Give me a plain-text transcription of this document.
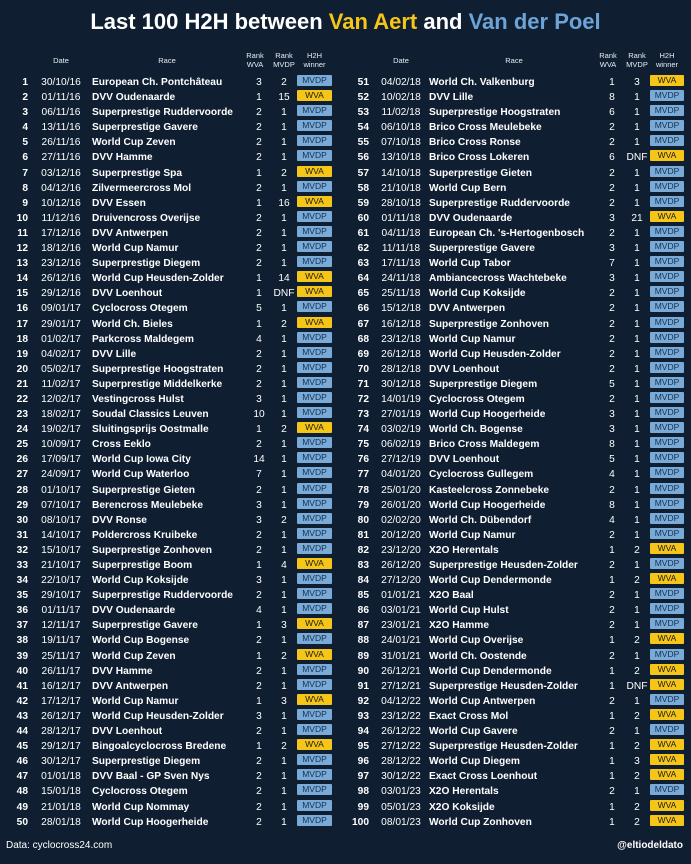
Last 100 H2H between Van Aert and Van der Poel
Date	Race
Rank
WVA
Rank
MVDP
H2H
winner
1	30/10/16	European Ch. Pontchâteau	3	2	MVDP
2	01/11/16	DVV Oudenaarde	1	15	WVA
3	06/11/16	Superprestige Ruddervoorde	2	1	MVDP
4	13/11/16	Superprestige Gavere	2	1	MVDP
5	26/11/16	World Cup Zeven	2	1	MVDP
6	27/11/16	DVV Hamme	2	1	MVDP
7	03/12/16	Superprestige Spa	1	2	WVA
8	04/12/16	Zilvermeercross Mol	2	1	MVDP
9	10/12/16	DVV Essen	1	16	WVA
10	11/12/16	Druivencross Overijse	2	1	MVDP
11	17/12/16	DVV Antwerpen	2	1	MVDP
12	18/12/16	World Cup Namur	2	1	MVDP
13	23/12/16	Superprestige Diegem	2	1	MVDP
14	26/12/16	World Cup Heusden-Zolder	1	14	WVA
15	29/12/16	DVV Loenhout	1	DNF	WVA
16	09/01/17	Cyclocross Otegem	5	1	MVDP
17	29/01/17	World Ch. Bieles	1	2	WVA
18	01/02/17	Parkcross Maldegem	4	1	MVDP
19	04/02/17	DVV Lille	2	1	MVDP
20	05/02/17	Superprestige Hoogstraten	2	1	MVDP
21	11/02/17	Superprestige Middelkerke	2	1	MVDP
22	12/02/17	Vestingcross Hulst	3	1	MVDP
23	18/02/17	Soudal Classics Leuven	10	1	MVDP
24	19/02/17	Sluitingsprijs Oostmalle	1	2	WVA
25	10/09/17	Cross Eeklo	2	1	MVDP
26	17/09/17	World Cup Iowa City	14	1	MVDP
27	24/09/17	World Cup Waterloo	7	1	MVDP
28	01/10/17	Superprestige Gieten	2	1	MVDP
29	07/10/17	Berencross Meulebeke	3	1	MVDP
30	08/10/17	DVV Ronse	3	2	MVDP
31	14/10/17	Poldercross Kruibeke	2	1	MVDP
32	15/10/17	Superprestige Zonhoven	2	1	MVDP
33	21/10/17	Superprestige Boom	1	4	WVA
34	22/10/17	World Cup Koksijde	3	1	MVDP
35	29/10/17	Superprestige Ruddervoorde	2	1	MVDP
36	01/11/17	DVV Oudenaarde	4	1	MVDP
37	12/11/17	Superprestige Gavere	1	3	WVA
38	19/11/17	World Cup Bogense	2	1	MVDP
39	25/11/17	World Cup Zeven	1	2	WVA
40	26/11/17	DVV Hamme	2	1	MVDP
41	16/12/17	DVV Antwerpen	2	1	MVDP
42	17/12/17	World Cup Namur	1	3	WVA
43	26/12/17	World Cup Heusden-Zolder	3	1	MVDP
44	28/12/17	DVV Loenhout	2	1	MVDP
45	29/12/17	Bingoalcyclocross Bredene	1	2	WVA
46	30/12/17	Superprestige Diegem	2	1	MVDP
47	01/01/18	DVV Baal - GP Sven Nys	2	1	MVDP
48	15/01/18	Cyclocross Otegem	2	1	MVDP
49	21/01/18	World Cup Nommay	2	1	MVDP
50	28/01/18	World Cup Hoogerheide	2	1	MVDP
Date	Race
Rank
WVA
Rank
MVDP
H2H
winner
51	04/02/18 World Ch. Valkenburg	1	3	WVA
52	10/02/18 DVV Lille	8	1	MVDP
53	11/02/18 Superprestige Hoogstraten	6	1	MVDP
54	06/10/18 Brico Cross Meulebeke	2	1	MVDP
55	07/10/18 Brico Cross Ronse	2	1	MVDP
56	13/10/18 Brico Cross Lokeren	6	DNF	WVA
57	14/10/18 Superprestige Gieten	2	1	MVDP
58	21/10/18 World Cup Bern	2	1	MVDP
59	28/10/18 Superprestige Ruddervoorde	2	1	MVDP
60	01/11/18 DVV Oudenaarde	3	21	WVA
61	04/11/18 European Ch. 's-Hertogenbosch	2	1	MVDP
62	11/11/18 Superprestige Gavere	3	1	MVDP
63	17/11/18 World Cup Tabor	7	1	MVDP
64	24/11/18 Ambiancecross Wachtebeke	3	1	MVDP
65	25/11/18 World Cup Koksijde	2	1	MVDP
66	15/12/18 DVV Antwerpen	2	1	MVDP
67	16/12/18 Superprestige Zonhoven	2	1	MVDP
68	23/12/18 World Cup Namur	2	1	MVDP
69	26/12/18 World Cup Heusden-Zolder	2	1	MVDP
70	28/12/18 DVV Loenhout	2	1	MVDP
71	30/12/18 Superprestige Diegem	5	1	MVDP
72	14/01/19 Cyclocross Otegem	2	1	MVDP
73	27/01/19 World Cup Hoogerheide	3	1	MVDP
74	03/02/19 World Ch. Bogense	3	1	MVDP
75	06/02/19 Brico Cross Maldegem	8	1	MVDP
76	27/12/19 DVV Loenhout	5	1	MVDP
77	04/01/20 Cyclocross Gullegem	4	1	MVDP
78	25/01/20 Kasteelcross Zonnebeke	2	1	MVDP
79	26/01/20 World Cup Hoogerheide	8	1	MVDP
80	02/02/20 World Ch. Dübendorf	4	1	MVDP
81	20/12/20 World Cup Namur	2	1	MVDP
82	23/12/20 X2O Herentals	1	2	WVA
83	26/12/20 Superprestige Heusden-Zolder	2	1	MVDP
84	27/12/20 World Cup Dendermonde	1	2	WVA
85	01/01/21 X2O Baal	2	1	MVDP
86	03/01/21 World Cup Hulst	2	1	MVDP
87	23/01/21 X2O Hamme	2	1	MVDP
88	24/01/21 World Cup Overijse	1	2	WVA
89	31/01/21 World Ch. Oostende	2	1	MVDP
90	26/12/21 World Cup Dendermonde	1	2	WVA
91	27/12/21 Superprestige Heusden-Zolder	1	DNF	WVA
92	04/12/22 World Cup Antwerpen	2	1	MVDP
93	23/12/22 Exact Cross Mol	1	2	WVA
94	26/12/22 World Cup Gavere	2	1	MVDP
95	27/12/22 Superprestige Heusden-Zolder	1	2	WVA
96	28/12/22 World Cup Diegem	1	3	WVA
97	30/12/22 Exact Cross Loenhout	1	2	WVA
98	03/01/23 X2O Herentals	2	1	MVDP
99	05/01/23 X2O Koksijde	1	2	WVA
100	08/01/23 World Cup Zonhoven	1	2	WVA
Data: cyclocross24.com	@eltiodeldato
